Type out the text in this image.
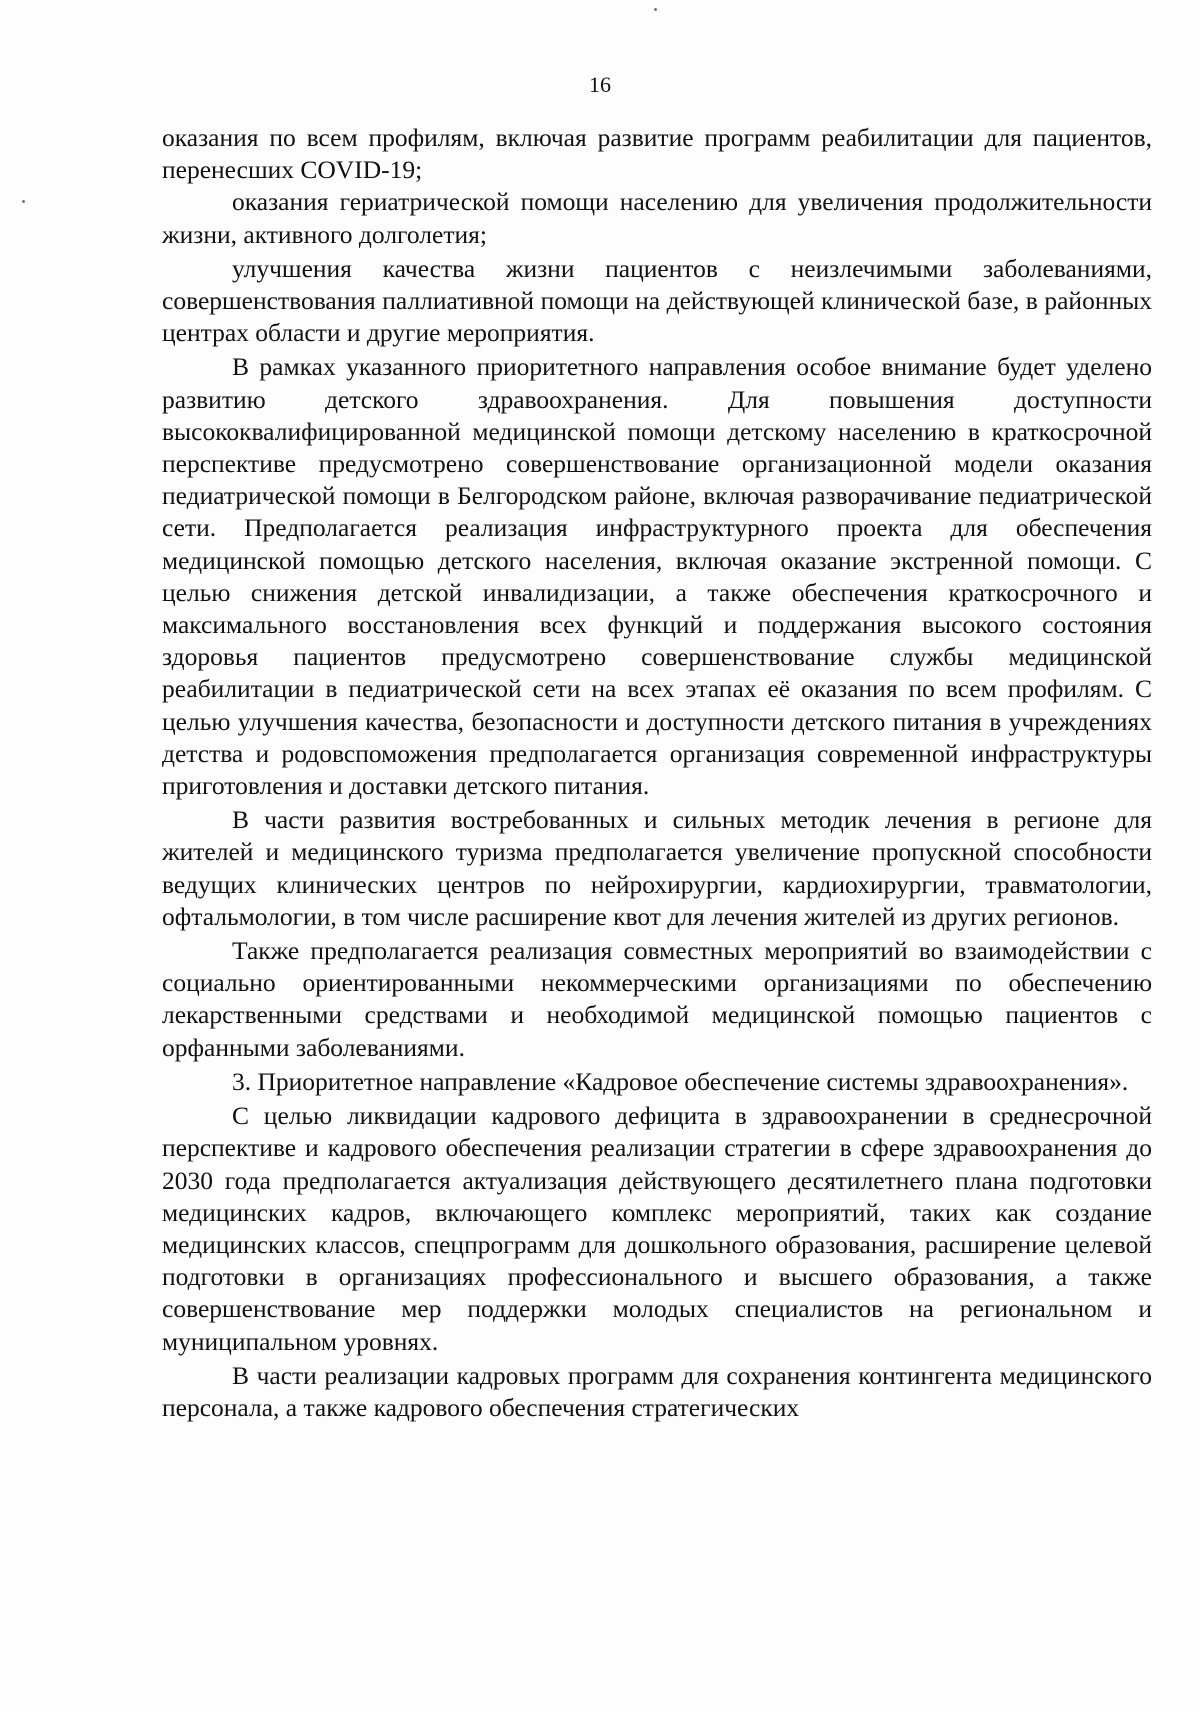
16

оказания по всем профилям, включая развитие программ реабилитации для пациентов, перенесших COVID-19;

оказания гериатрической помощи населению для увеличения продолжительности жизни, активного долголетия;

улучшения качества жизни пациентов с неизлечимыми заболеваниями, совершенствования паллиативной помощи на действующей клинической базе, в районных центрах области и другие мероприятия.

В рамках указанного приоритетного направления особое внимание будет уделено развитию детского здравоохранения. Для повышения доступности высококвалифицированной медицинской помощи детскому населению в краткосрочной перспективе предусмотрено совершенствование организационной модели оказания педиатрической помощи в Белгородском районе, включая разворачивание педиатрической сети. Предполагается реализация инфраструктурного проекта для обеспечения медицинской помощью детского населения, включая оказание экстренной помощи. С целью снижения детской инвалидизации, а также обеспечения краткосрочного и максимального восстановления всех функций и поддержания высокого состояния здоровья пациентов предусмотрено совершенствование службы медицинской реабилитации в педиатрической сети на всех этапах её оказания по всем профилям. С целью улучшения качества, безопасности и доступности детского питания в учреждениях детства и родовспоможения предполагается организация современной инфраструктуры приготовления и доставки детского питания.

В части развития востребованных и сильных методик лечения в регионе для жителей и медицинского туризма предполагается увеличение пропускной способности ведущих клинических центров по нейрохирургии, кардиохирургии, травматологии, офтальмологии, в том числе расширение квот для лечения жителей из других регионов.

Также предполагается реализация совместных мероприятий во взаимодействии с социально ориентированными некоммерческими организациями по обеспечению лекарственными средствами и необходимой медицинской помощью пациентов с орфанными заболеваниями.

3. Приоритетное направление «Кадровое обеспечение системы здравоохранения».

С целью ликвидации кадрового дефицита в здравоохранении в среднесрочной перспективе и кадрового обеспечения реализации стратегии в сфере здравоохранения до 2030 года предполагается актуализация действующего десятилетнего плана подготовки медицинских кадров, включающего комплекс мероприятий, таких как создание медицинских классов, спецпрограмм для дошкольного образования, расширение целевой подготовки в организациях профессионального и высшего образования, а также совершенствование мер поддержки молодых специалистов на региональном и муниципальном уровнях.

В части реализации кадровых программ для сохранения контингента медицинского персонала, а также кадрового обеспечения стратегических
